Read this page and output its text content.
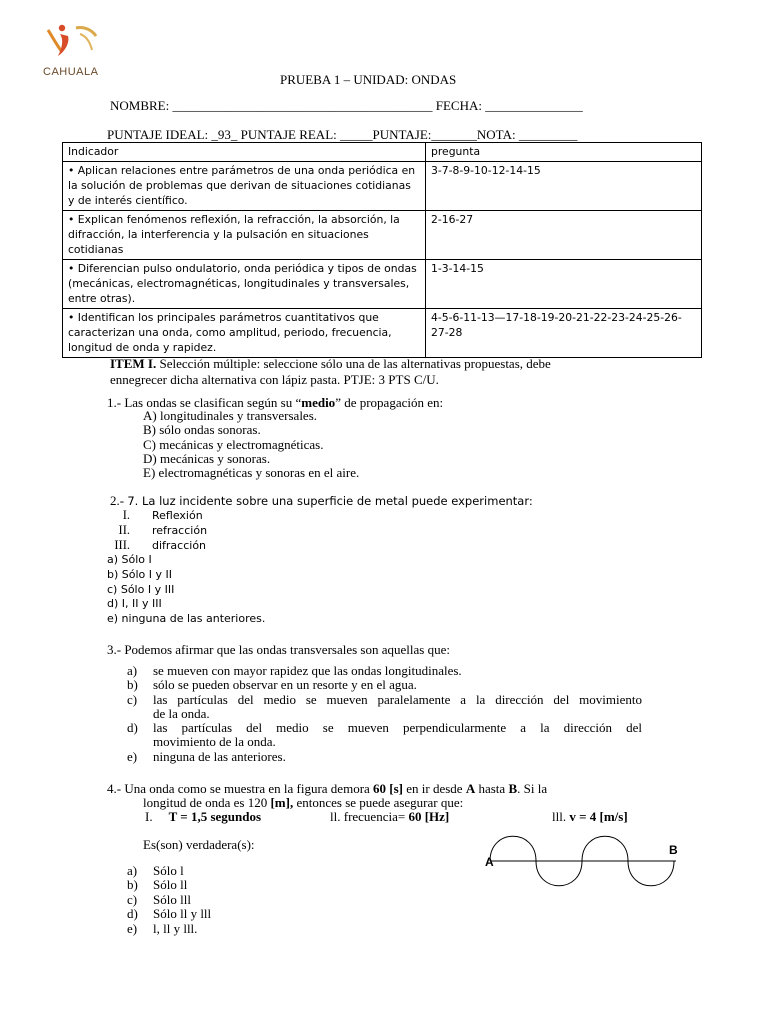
CAHUALA	PRUEBA 1 – UNIDAD: ONDAS
NOMBRE: ________________________________________ FECHA: _______________
PUNTAJE IDEAL: _93_ PUNTAJE REAL: _____PUNTAJE:_______NOTA: _________
Indicador	pregunta
• Aplican relaciones entre parámetros de una onda periódica en la solución de problemas que derivan de situaciones cotidianas y de interés científico.	3-7-8-9-10-12-14-15
• Explican fenómenos reflexión, la refracción, la absorción, la difracción, la interferencia y la pulsación en situaciones cotidianas	2-16-27
• Diferencian pulso ondulatorio, onda periódica y tipos de ondas (mecánicas, electromagnéticas, longitudinales y transversales, entre otras).	1-3-14-15
• Identifican los principales parámetros cuantitativos que caracterizan una onda, como amplitud, periodo, frecuencia, longitud de onda y rapidez.	4-5-6-11-13—17-18-19-20-21-22-23-24-25-26-27-28
ITEM I. Selección múltiple: seleccione sólo una de las alternativas propuestas, debe
ennegrecer dicha alternativa con lápiz pasta. PTJE: 3 PTS C/U.
1.- Las ondas se clasifican según su “medio” de propagación en:
A) longitudinales y transversales.
B) sólo ondas sonoras.
C) mecánicas y electromagnéticas.
D) mecánicas y sonoras.
E) electromagnéticas y sonoras en el aire.
2.- 7. La luz incidente sobre una superficie de metal puede experimentar:
I. Reflexión
II. refracción
III. difracción
a) Sólo I
b) Sólo I y II
c) Sólo I y III
d) I, II y III
e) ninguna de las anteriores.
3.- Podemos afirmar que las ondas transversales son aquellas que:
a)	se mueven con mayor rapidez que las ondas longitudinales.
b)	sólo se pueden observar en un resorte y en el agua.
c)	las partículas del medio se mueven paralelamente a la dirección del movimiento
de la onda.
d)	las partículas del medio se mueven perpendicularmente a la dirección del
movimiento de la onda.
e)	ninguna de las anteriores.
4.- Una onda como se muestra en la figura demora 60 [s] en ir desde A hasta B. Si la
longitud de onda es 120 [m], entonces se puede asegurar que:
I. T = 1,5 segundos	ll. frecuencia= 60 [Hz]	lll. v = 4 [m/s]
Es(son) verdadera(s):
A
B
a) Sólo l
b) Sólo ll
c) Sólo lll
d) Sólo ll y lll
e) l, ll y lll.
